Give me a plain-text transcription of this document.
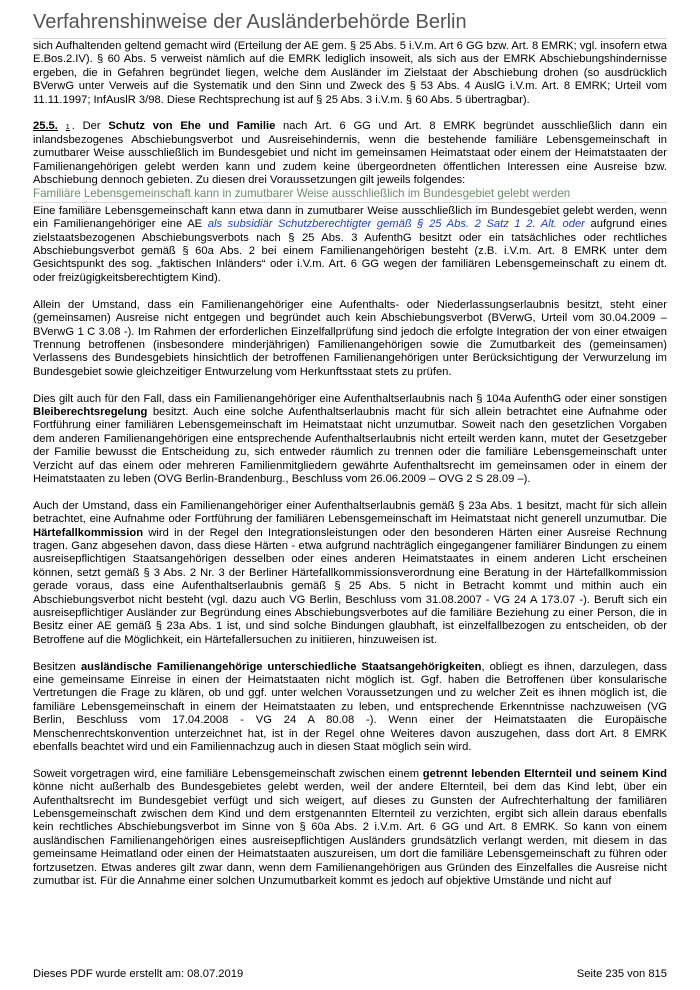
Verfahrenshinweise der Ausländerbehörde Berlin

sich Aufhaltenden geltend gemacht wird (Erteilung der AE gem. § 25 Abs. 5 i.V.m. Art 6 GG bzw. Art. 8 EMRK; vgl. insofern etwa E.Bos.2.IV). § 60 Abs. 5 verweist nämlich auf die EMRK lediglich insoweit, als sich aus der EMRK Abschiebungshindernisse ergeben, die in Gefahren begründet liegen, welche dem Ausländer im Zielstaat der Abschiebung drohen (so ausdrücklich BVerwG unter Verweis auf die Systematik und den Sinn und Zweck des § 53 Abs. 4 AuslG i.V.m. Art. 8 EMRK; Urteil vom 11.11.1997; InfAuslR 3/98. Diese Rechtsprechung ist auf § 25 Abs. 3 i.V.m. § 60 Abs. 5 übertragbar).

25.5. 1 . Der Schutz von Ehe und Familie nach Art. 6 GG und Art. 8 EMRK begründet ausschließlich dann ein inlandsbezogenes Abschiebungsverbot und Ausreisehindernis, wenn die bestehende familiäre Lebensgemeinschaft in zumutbarer Weise ausschließlich im Bundesgebiet und nicht im gemeinsamen Heimatstaat oder einem der Heimatstaaten der Familienangehörigen gelebt werden kann und zudem keine übergeordneten öffentlichen Interessen eine Ausreise bzw. Abschiebung dennoch gebieten. Zu diesen drei Voraussetzungen gilt jeweils folgendes:

Familiäre Lebensgemeinschaft kann in zumutbarer Weise ausschließlich im Bundesgebiet gelebt werden

Eine familiäre Lebensgemeinschaft kann etwa dann in zumutbarer Weise ausschließlich im Bundesgebiet gelebt werden, wenn ein Familienangehöriger eine AE als subsidiär Schutzberechtigter gemäß § 25 Abs. 2 Satz 1 2. Alt. oder aufgrund eines zielstaatsbezogenen Abschiebungsverbots nach § 25 Abs. 3 AufenthG besitzt oder ein tatsächliches oder rechtliches Abschiebungsverbot gemäß § 60a Abs. 2 bei einem Familienangehörigen besteht (z.B. i.V.m. Art. 8 EMRK unter dem Gesichtspunkt des sog. „faktischen Inländers“ oder i.V.m. Art. 6 GG wegen der familiären Lebensgemeinschaft zu einem dt. oder freizügigkeitsberechtigtem Kind).

Allein der Umstand, dass ein Familienangehöriger eine Aufenthalts- oder Niederlassungserlaubnis besitzt, steht einer (gemeinsamen) Ausreise nicht entgegen und begründet auch kein Abschiebungsverbot (BVerwG, Urteil vom 30.04.2009 – BVerwG 1 C 3.08 -). Im Rahmen der erforderlichen Einzelfallprüfung sind jedoch die erfolgte Integration der von einer etwaigen Trennung betroffenen (insbesondere minderjährigen) Familienangehörigen sowie die Zumutbarkeit des (gemeinsamen) Verlassens des Bundesgebiets hinsichtlich der betroffenen Familienangehörigen unter Berücksichtigung der Verwurzelung im Bundesgebiet sowie gleichzeitiger Entwurzelung vom Herkunftsstaat stets zu prüfen.

Dies gilt auch für den Fall, dass ein Familienangehöriger eine Aufenthaltserlaubnis nach § 104a AufenthG oder einer sonstigen Bleiberechtsregelung besitzt. Auch eine solche Aufenthaltserlaubnis macht für sich allein betrachtet eine Aufnahme oder Fortführung einer familiären Lebensgemeinschaft im Heimatstaat nicht unzumutbar. Soweit nach den gesetzlichen Vorgaben dem anderen Familienangehörigen eine entsprechende Aufenthaltserlaubnis nicht erteilt werden kann, mutet der Gesetzgeber der Familie bewusst die Entscheidung zu, sich entweder räumlich zu trennen oder die familiäre Lebensgemeinschaft unter Verzicht auf das einem oder mehreren Familienmitgliedern gewährte Aufenthaltsrecht im gemeinsamen oder in einem der Heimatstaaten zu leben (OVG Berlin-Brandenburg., Beschluss vom 26.06.2009 – OVG 2 S 28.09 –).

Auch der Umstand, dass ein Familienangehöriger einer Aufenthaltserlaubnis gemäß § 23a Abs. 1 besitzt, macht für sich allein betrachtet, eine Aufnahme oder Fortführung der familiären Lebensgemeinschaft im Heimatstaat nicht generell unzumutbar. Die Härtefallkommission wird in der Regel den Integrationsleistungen oder den besonderen Härten einer Ausreise Rechnung tragen. Ganz abgesehen davon, dass diese Härten - etwa aufgrund nachträglich eingegangener familiärer Bindungen zu einem ausreisepflichtigen Staatsangehörigen desselben oder eines anderen Heimatstaates in einem anderen Licht erscheinen können, setzt gemäß § 3 Abs. 2 Nr. 3 der Berliner Härtefallkommissionsverordnung eine Beratung in der Härtefallkommission gerade voraus, dass eine Aufenthaltserlaubnis gemäß § 25 Abs. 5 nicht in Betracht kommt und mithin auch ein Abschiebungsverbot nicht besteht (vgl. dazu auch VG Berlin, Beschluss vom 31.08.2007 - VG 24 A 173.07 -). Beruft sich ein ausreisepflichtiger Ausländer zur Begründung eines Abschiebungsverbotes auf die familiäre Beziehung zu einer Person, die in Besitz einer AE gemäß § 23a Abs. 1 ist, und sind solche Bindungen glaubhaft, ist einzelfallbezogen zu entscheiden, ob der Betroffene auf die Möglichkeit, ein Härtefallersuchen zu initiieren, hinzuweisen ist.

Besitzen ausländische Familienangehörige unterschiedliche Staatsangehörigkeiten, obliegt es ihnen, darzulegen, dass eine gemeinsame Einreise in einen der Heimatstaaten nicht möglich ist. Ggf. haben die Betroffenen über konsularische Vertretungen die Frage zu klären, ob und ggf. unter welchen Voraussetzungen und zu welcher Zeit es ihnen möglich ist, die familiäre Lebensgemeinschaft in einem der Heimatstaaten zu leben, und entsprechende Erkenntnisse nachzuweisen (VG Berlin, Beschluss vom 17.04.2008 - VG 24 A 80.08 -). Wenn einer der Heimatstaaten die Europäische Menschenrechtskonvention unterzeichnet hat, ist in der Regel ohne Weiteres davon auszugehen, dass dort Art. 8 EMRK ebenfalls beachtet wird und ein Familiennachzug auch in diesen Staat möglich sein wird.

Soweit vorgetragen wird, eine familiäre Lebensgemeinschaft zwischen einem getrennt lebenden Elternteil und seinem Kind könne nicht außerhalb des Bundesgebietes gelebt werden, weil der andere Elternteil, bei dem das Kind lebt, über ein Aufenthaltsrecht im Bundesgebiet verfügt und sich weigert, auf dieses zu Gunsten der Aufrechterhaltung der familiären Lebensgemeinschaft zwischen dem Kind und dem erstgenannten Elternteil zu verzichten, ergibt sich allein daraus ebenfalls kein rechtliches Abschiebungsverbot im Sinne von § 60a Abs. 2 i.V.m. Art. 6 GG und Art. 8 EMRK. So kann von einem ausländischen Familienangehörigen eines ausreisepflichtigen Ausländers grundsätzlich verlangt werden, mit diesem in das gemeinsame Heimatland oder einen der Heimatstaaten auszureisen, um dort die familiäre Lebensgemeinschaft zu führen oder fortzusetzen. Etwas anderes gilt zwar dann, wenn dem Familienangehörigen aus Gründen des Einzelfalles die Ausreise nicht zumutbar ist. Für die Annahme einer solchen Unzumutbarkeit kommt es jedoch auf objektive Umstände und nicht auf

Dieses PDF wurde erstellt am: 08.07.2019	Seite 235 von 815
